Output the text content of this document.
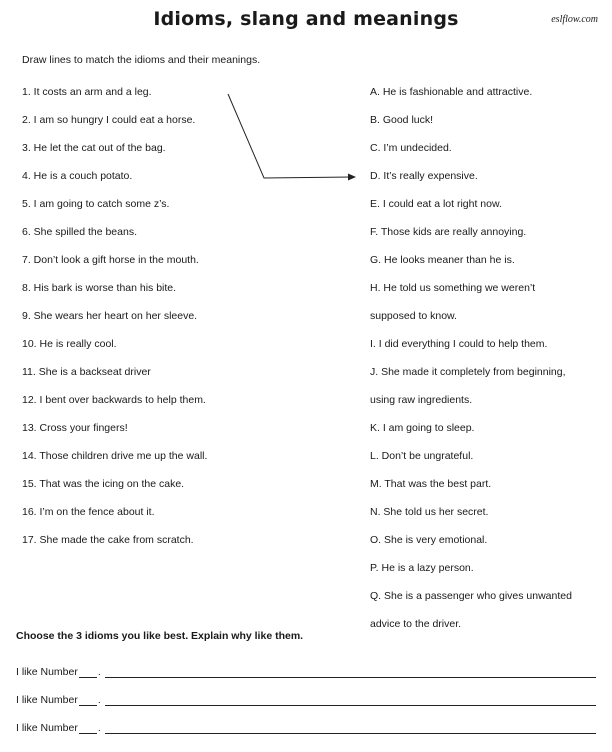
Idioms, slang and meanings	eslflow.com
Draw lines to match the idioms and their meanings.
1. It costs an arm and a leg.
2. I am so hungry I could eat a horse.
3. He let the cat out of the bag.
4. He is a couch potato.
5. I am going to catch some z’s.
6. She spilled the beans.
7. Don’t look a gift horse in the mouth.
8. His bark is worse than his bite.
9. She wears her heart on her sleeve.
10. He is really cool.
11. She is a backseat driver
12. I bent over backwards to help them.
13. Cross your fingers!
14. Those children drive me up the wall.
15. That was the icing on the cake.
16. I’m on the fence about it.
17. She made the cake from scratch.
A. He is fashionable and attractive.
B. Good luck!
C. I’m undecided.
D. It’s really expensive.
E. I could eat a lot right now.
F. Those kids are really annoying.
G. He looks meaner than he is.
H. He told us something we weren’t
supposed to know.
I. I did everything I could to help them.
J. She made it completely from beginning,
using raw ingredients.
K. I am going to sleep.
L. Don’t be ungrateful.
M. That was the best part.
N. She told us her secret.
O. She is very emotional.
P. He is a lazy person.
Q. She is a passenger who gives unwanted
advice to the driver.
Choose the 3 idioms you like best. Explain why like them.
I like Number .
I like Number .
I like Number .
